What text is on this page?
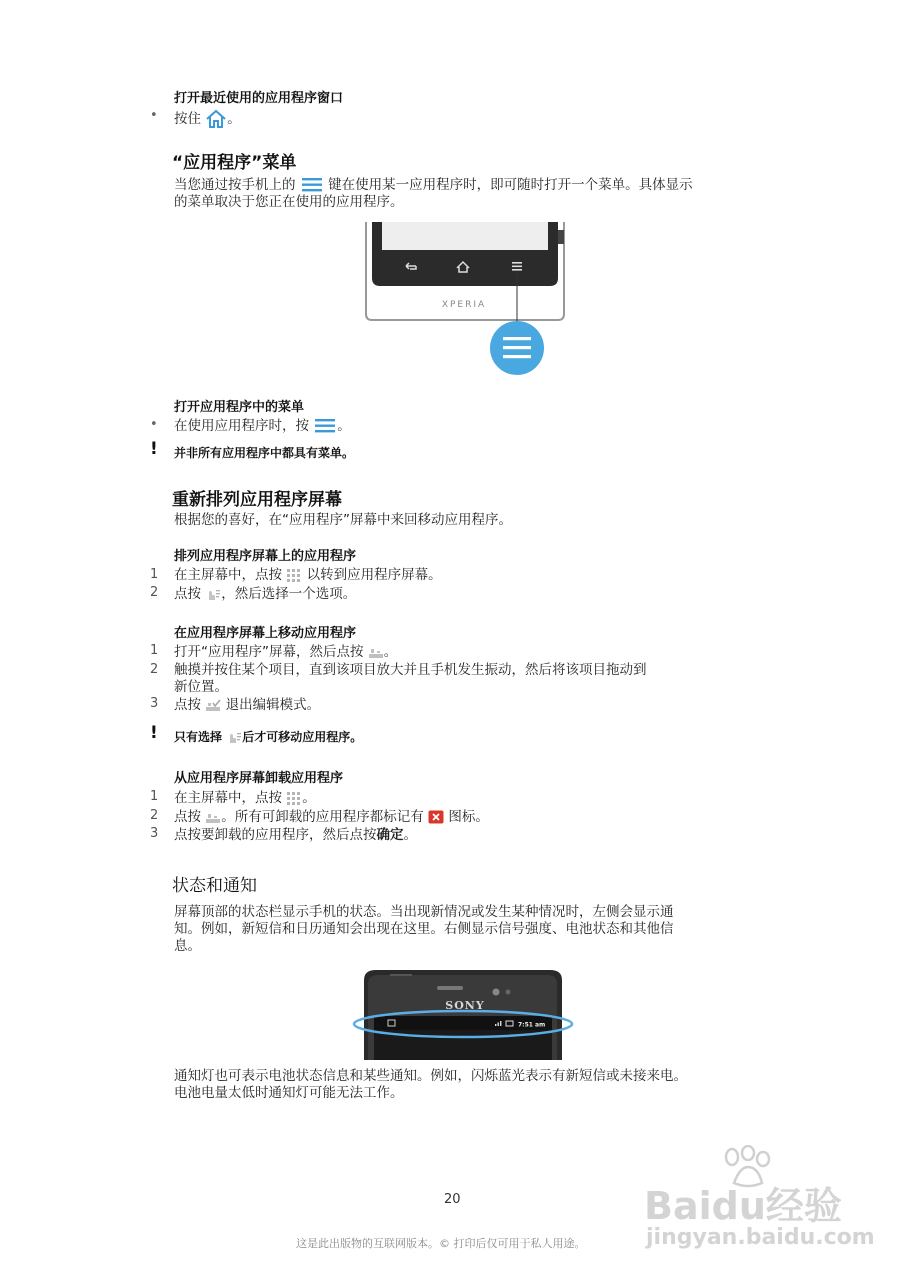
打开最近使用的应用程序窗口
• 按住 。
“应用程序”菜单
当您通过按手机上的 键在使用某一应用程序时，即可随时打开一个菜单。具体显示
的菜单取决于您正在使用的应用程序。
XPERIA
打开应用程序中的菜单
• 在使用应用程序时，按 。
! 并非所有应用程序中都具有菜单。
重新排列应用程序屏幕
根据您的喜好，在“应用程序”屏幕中来回移动应用程序。
排列应用程序屏幕上的应用程序
1	在主屏幕中，点按 以转到应用程序屏幕。
2	点按 ，然后选择一个选项。
在应用程序屏幕上移动应用程序
1	打开“应用程序”屏幕，然后点按 。
2	触摸并按住某个项目，直到该项目放大并且手机发生振动，然后将该项目拖动到
新位置。
3	点按 退出编辑模式。
! 只有选择 后才可移动应用程序。
从应用程序屏幕卸载应用程序
1	在主屏幕中，点按 。
2	点按 。所有可卸载的应用程序都标记有 图标。
3	点按要卸载的应用程序，然后点按确定。
状态和通知
屏幕顶部的状态栏显示手机的状态。当出现新情况或发生某种情况时，左侧会显示通
知。例如，新短信和日历通知会出现在这里。右侧显示信号强度、电池状态和其他信
息。
SONY
7:51 am
通知灯也可表示电池状态信息和某些通知。例如，闪烁蓝光表示有新短信或未接来电。
电池电量太低时通知灯可能无法工作。
20
这是此出版物的互联网版本。© 打印后仅可用于私人用途。
Baidu经验
jingyan.baidu.com
